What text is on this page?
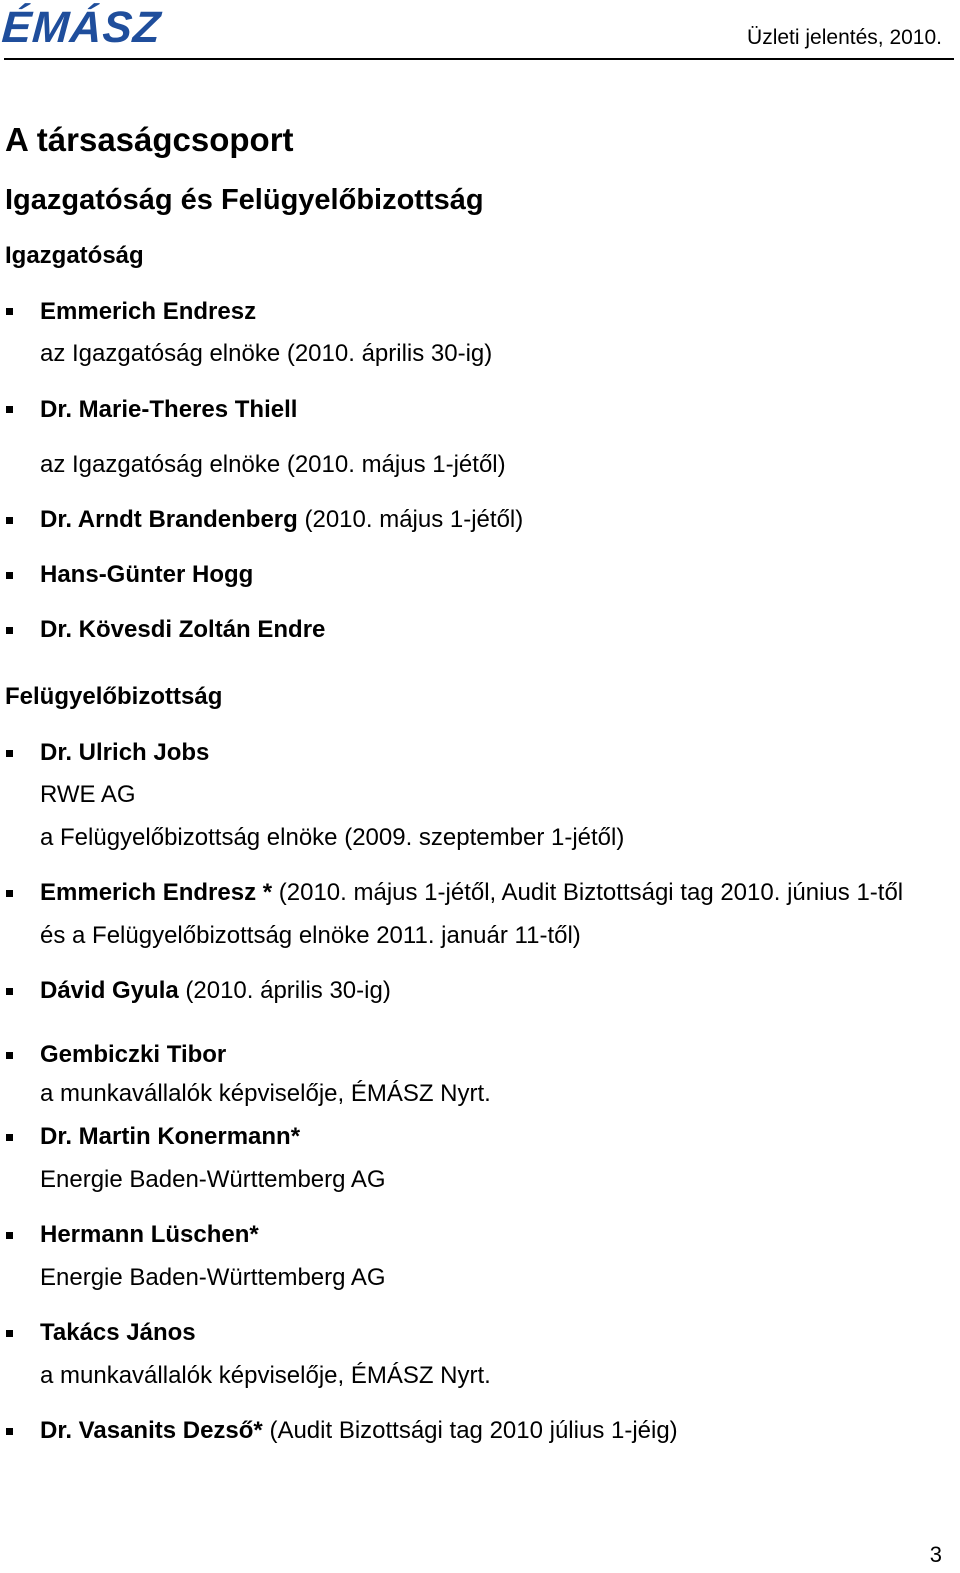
ÉMÁSZ	Üzleti jelentés, 2010.
A társaságcsoport
Igazgatóság és Felügyelőbizottság
Igazgatóság
Emmerich Endresz
az Igazgatóság elnöke (2010. április 30-ig)
Dr. Marie-Theres Thiell
az Igazgatóság elnöke (2010. május 1-jétől)
Dr. Arndt Brandenberg (2010. május 1-jétől)
Hans-Günter Hogg
Dr. Kövesdi Zoltán Endre
Felügyelőbizottság
Dr. Ulrich Jobs
RWE AG
a Felügyelőbizottság elnöke (2009. szeptember 1-jétől)
Emmerich Endresz * (2010. május 1-jétől, Audit Biztottsági tag 2010. június 1-től
és a Felügyelőbizottság elnöke 2011. január 11-től)
Dávid Gyula (2010. április 30-ig)
Gembiczki Tibor
a munkavállalók képviselője, ÉMÁSZ Nyrt.
Dr. Martin Konermann*
Energie Baden-Württemberg AG
Hermann Lüschen*
Energie Baden-Württemberg AG
Takács János
a munkavállalók képviselője, ÉMÁSZ Nyrt.
Dr. Vasanits Dezső* (Audit Bizottsági tag 2010 július 1-jéig)
3
